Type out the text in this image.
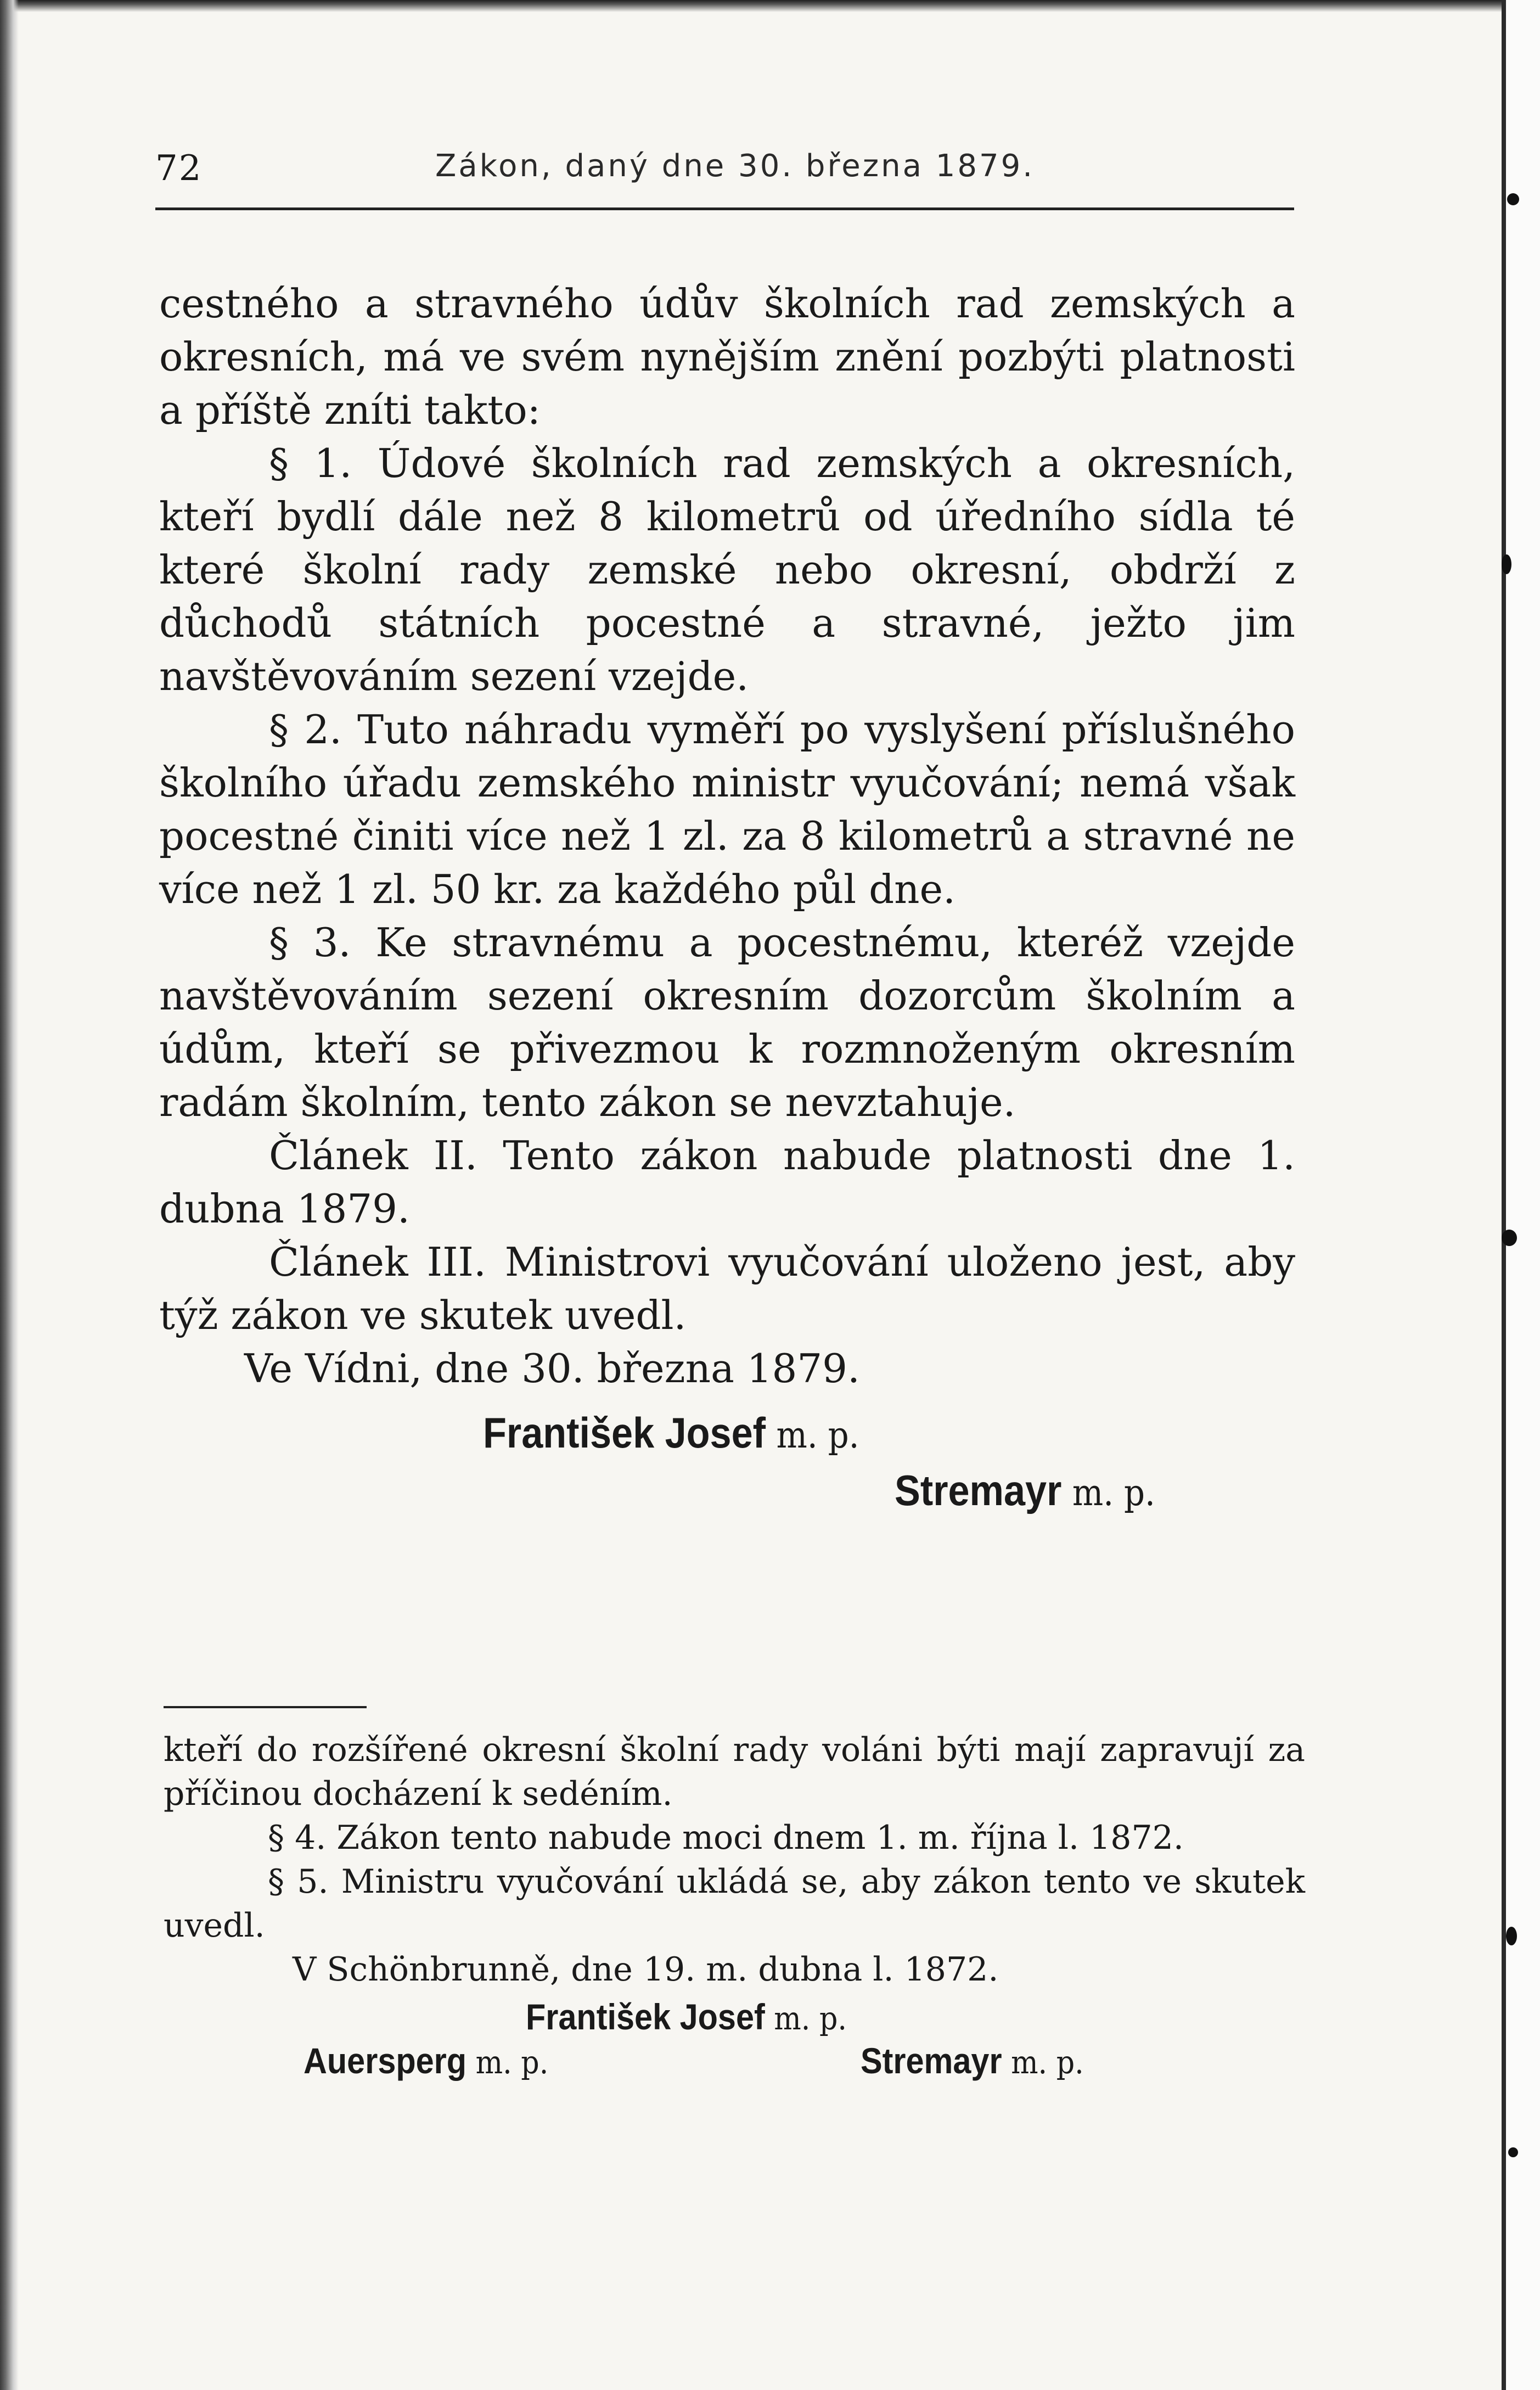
72	Zákon, daný dne 30. března 1879.

cestného a stravného údův školních rad zemských a okresních, má ve svém nynějším znění pozbýti platnosti a příště zníti takto:

§ 1. Údové školních rad zemských a okresních, kteří bydlí dále než 8 kilometrů od úředního sídla té které školní rady zemské nebo okresní, obdrží z důchodů státních pocestné a stravné, ježto jim navštěvováním sezení vzejde.

§ 2. Tuto náhradu vyměří po vyslyšení příslušného školního úřadu zemského ministr vyučování; nemá však pocestné činiti více než 1 zl. za 8 kilometrů a stravné ne více než 1 zl. 50 kr. za každého půl dne.

§ 3. Ke stravnému a pocestnému, kteréž vzejde navštěvováním sezení okresním dozorcům školním a údům, kteří se přivezmou k rozmnoženým okresním radám školním, tento zákon se nevztahuje.

Článek II. Tento zákon nabude platnosti dne 1. dubna 1879.

Článek III. Ministrovi vyučování uloženo jest, aby týž zákon ve skutek uvedl.

Ve Vídni, dne 30. března 1879.

František Josef m. p.
Stremayr m. p.

kteří do rozšířené okresní školní rady voláni býti mají zapravují za příčinou docházení k sedéním.

§ 4. Zákon tento nabude moci dnem 1. m. října l. 1872.

§ 5. Ministru vyučování ukládá se, aby zákon tento ve skutek uvedl.

V Schönbrunně, dne 19. m. dubna l. 1872.

František Josef m. p.
Auersperg m. p.	Stremayr m. p.
